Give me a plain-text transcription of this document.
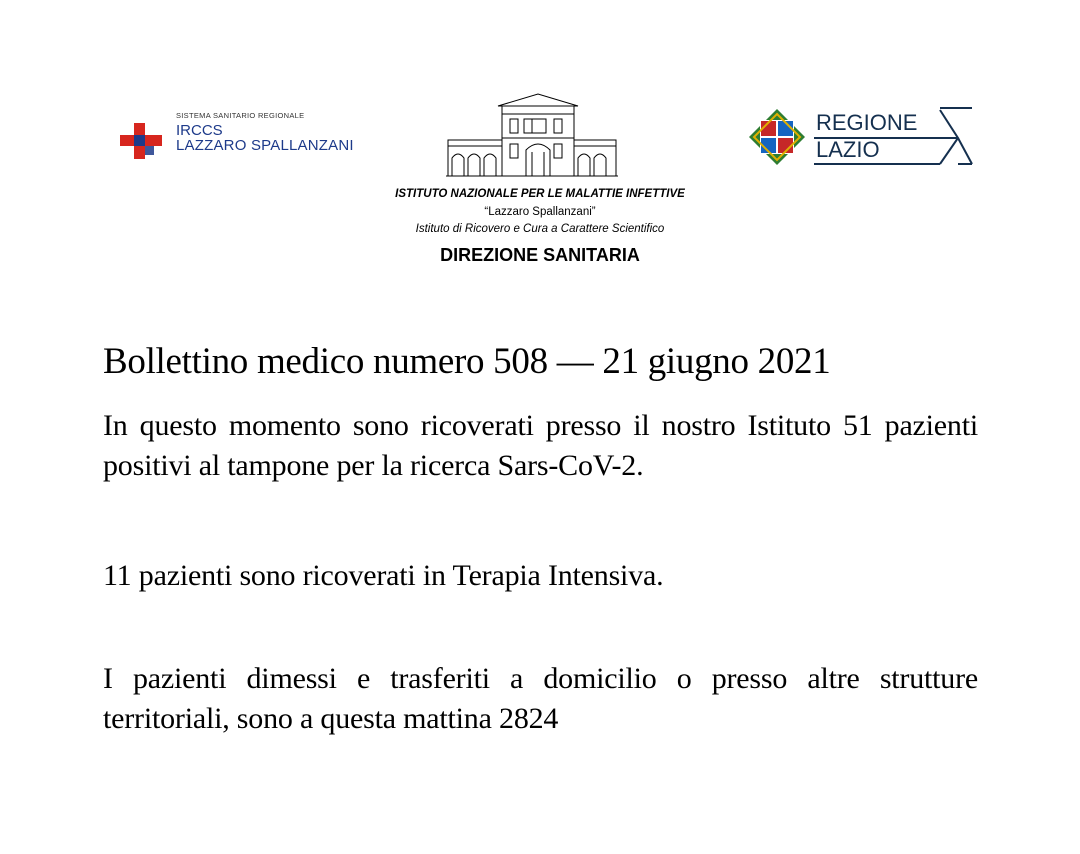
SISTEMA SANITARIO REGIONALE
IRCCS
LAZZARO SPALLANZANI
REGIONE
LAZIO
ISTITUTO NAZIONALE PER LE MALATTIE INFETTIVE
“Lazzaro Spallanzani”
Istituto di Ricovero e Cura a Carattere Scientifico
DIREZIONE SANITARIA
Bollettino medico numero 508 — 21 giugno 2021
In questo momento sono ricoverati presso il nostro Istituto 51 pazienti positivi al tampone per la ricerca Sars-CoV-2.
11 pazienti sono ricoverati in Terapia Intensiva.
I pazienti dimessi e trasferiti a domicilio o presso altre strutture territoriali, sono a questa mattina 2824
